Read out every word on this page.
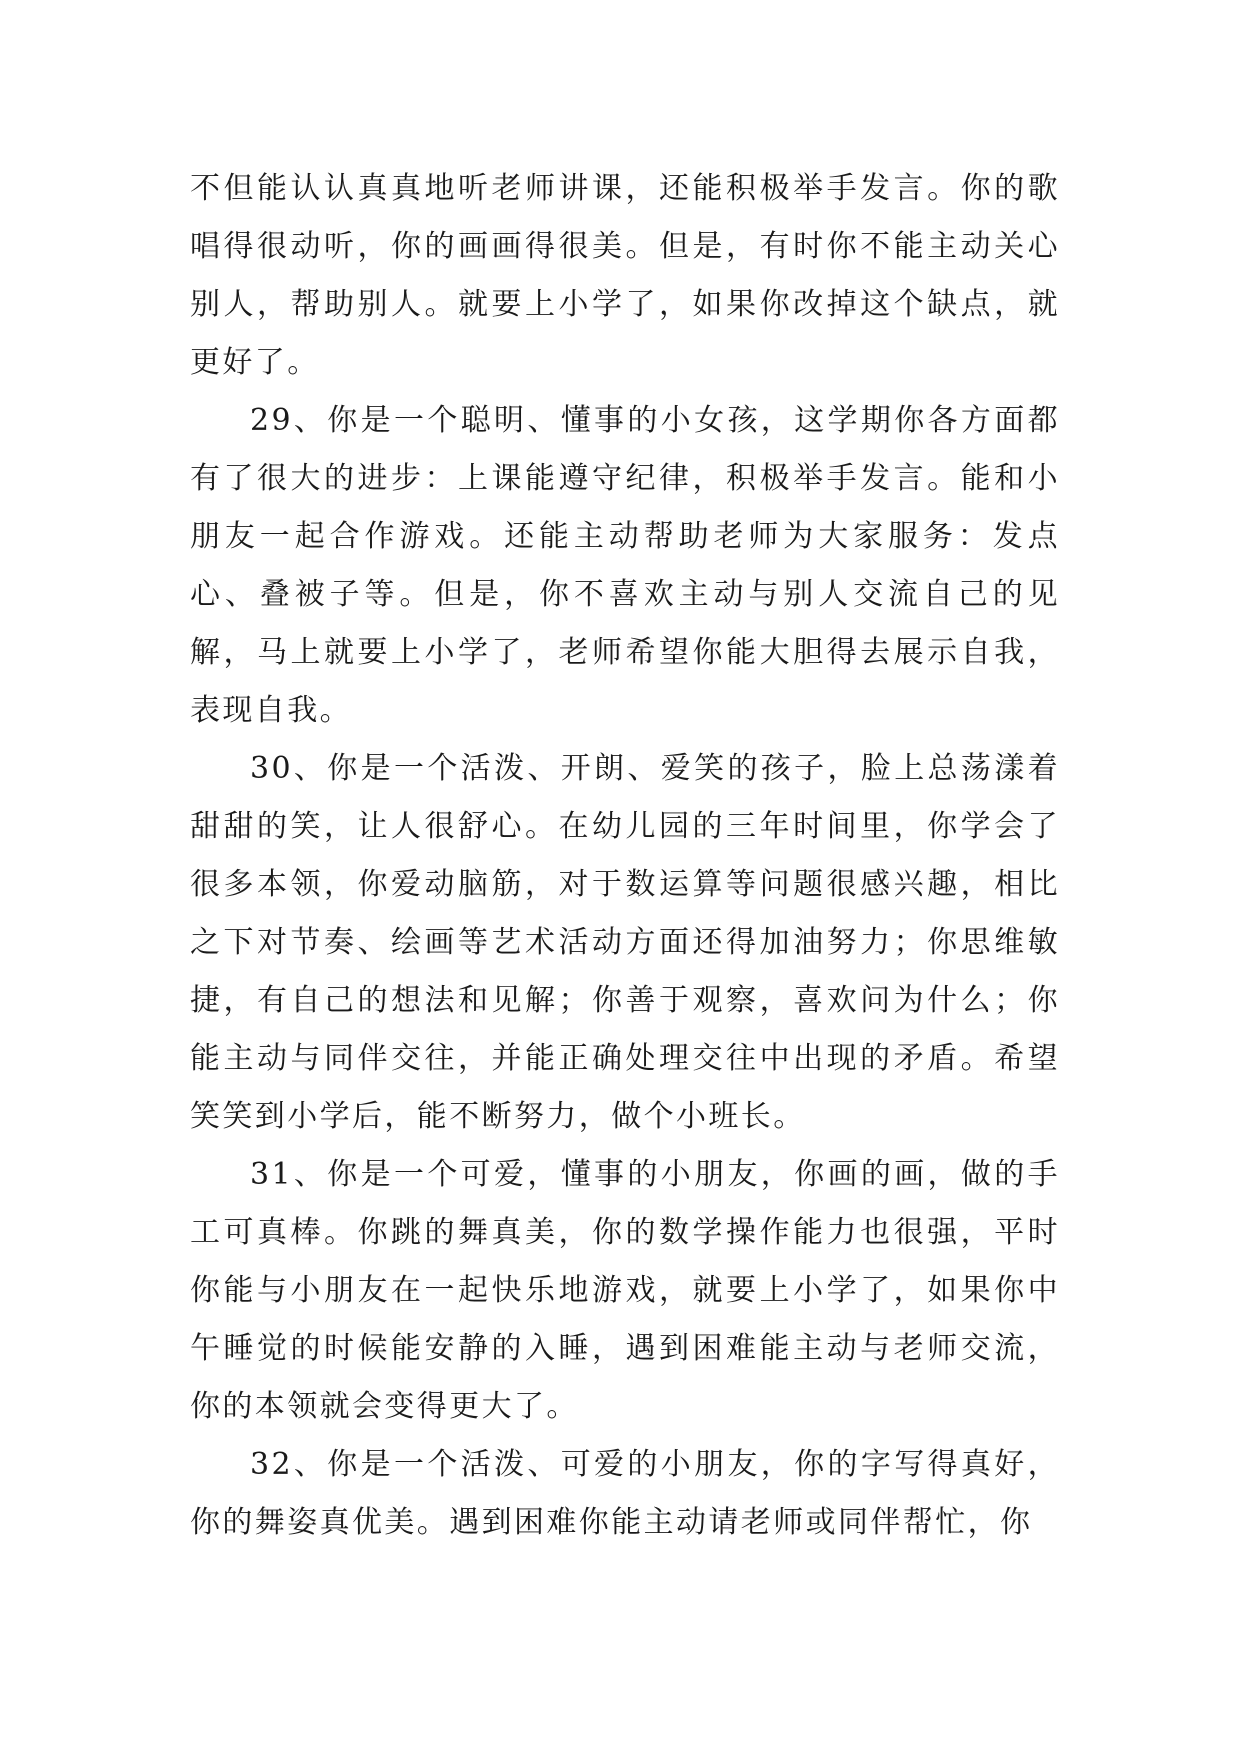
不但能认认真真地听老师讲课，还能积极举手发言。你的歌唱得很动听，你的画画得很美。但是，有时你不能主动关心别人，帮助别人。就要上小学了，如果你改掉这个缺点，就更好了。

29、你是一个聪明、懂事的小女孩，这学期你各方面都有了很大的进步：上课能遵守纪律，积极举手发言。能和小朋友一起合作游戏。还能主动帮助老师为大家服务：发点心、叠被子等。但是，你不喜欢主动与别人交流自己的见解，马上就要上小学了，老师希望你能大胆得去展示自我，表现自我。

30、你是一个活泼、开朗、爱笑的孩子，脸上总荡漾着甜甜的笑，让人很舒心。在幼儿园的三年时间里，你学会了很多本领，你爱动脑筋，对于数运算等问题很感兴趣，相比之下对节奏、绘画等艺术活动方面还得加油努力；你思维敏捷，有自己的想法和见解；你善于观察，喜欢问为什么；你能主动与同伴交往，并能正确处理交往中出现的矛盾。希望笑笑到小学后，能不断努力，做个小班长。

31、你是一个可爱，懂事的小朋友，你画的画，做的手工可真棒。你跳的舞真美，你的数学操作能力也很强，平时你能与小朋友在一起快乐地游戏，就要上小学了，如果你中午睡觉的时候能安静的入睡，遇到困难能主动与老师交流，你的本领就会变得更大了。

32、你是一个活泼、可爱的小朋友，你的字写得真好，你的舞姿真优美。遇到困难你能主动请老师或同伴帮忙，你
